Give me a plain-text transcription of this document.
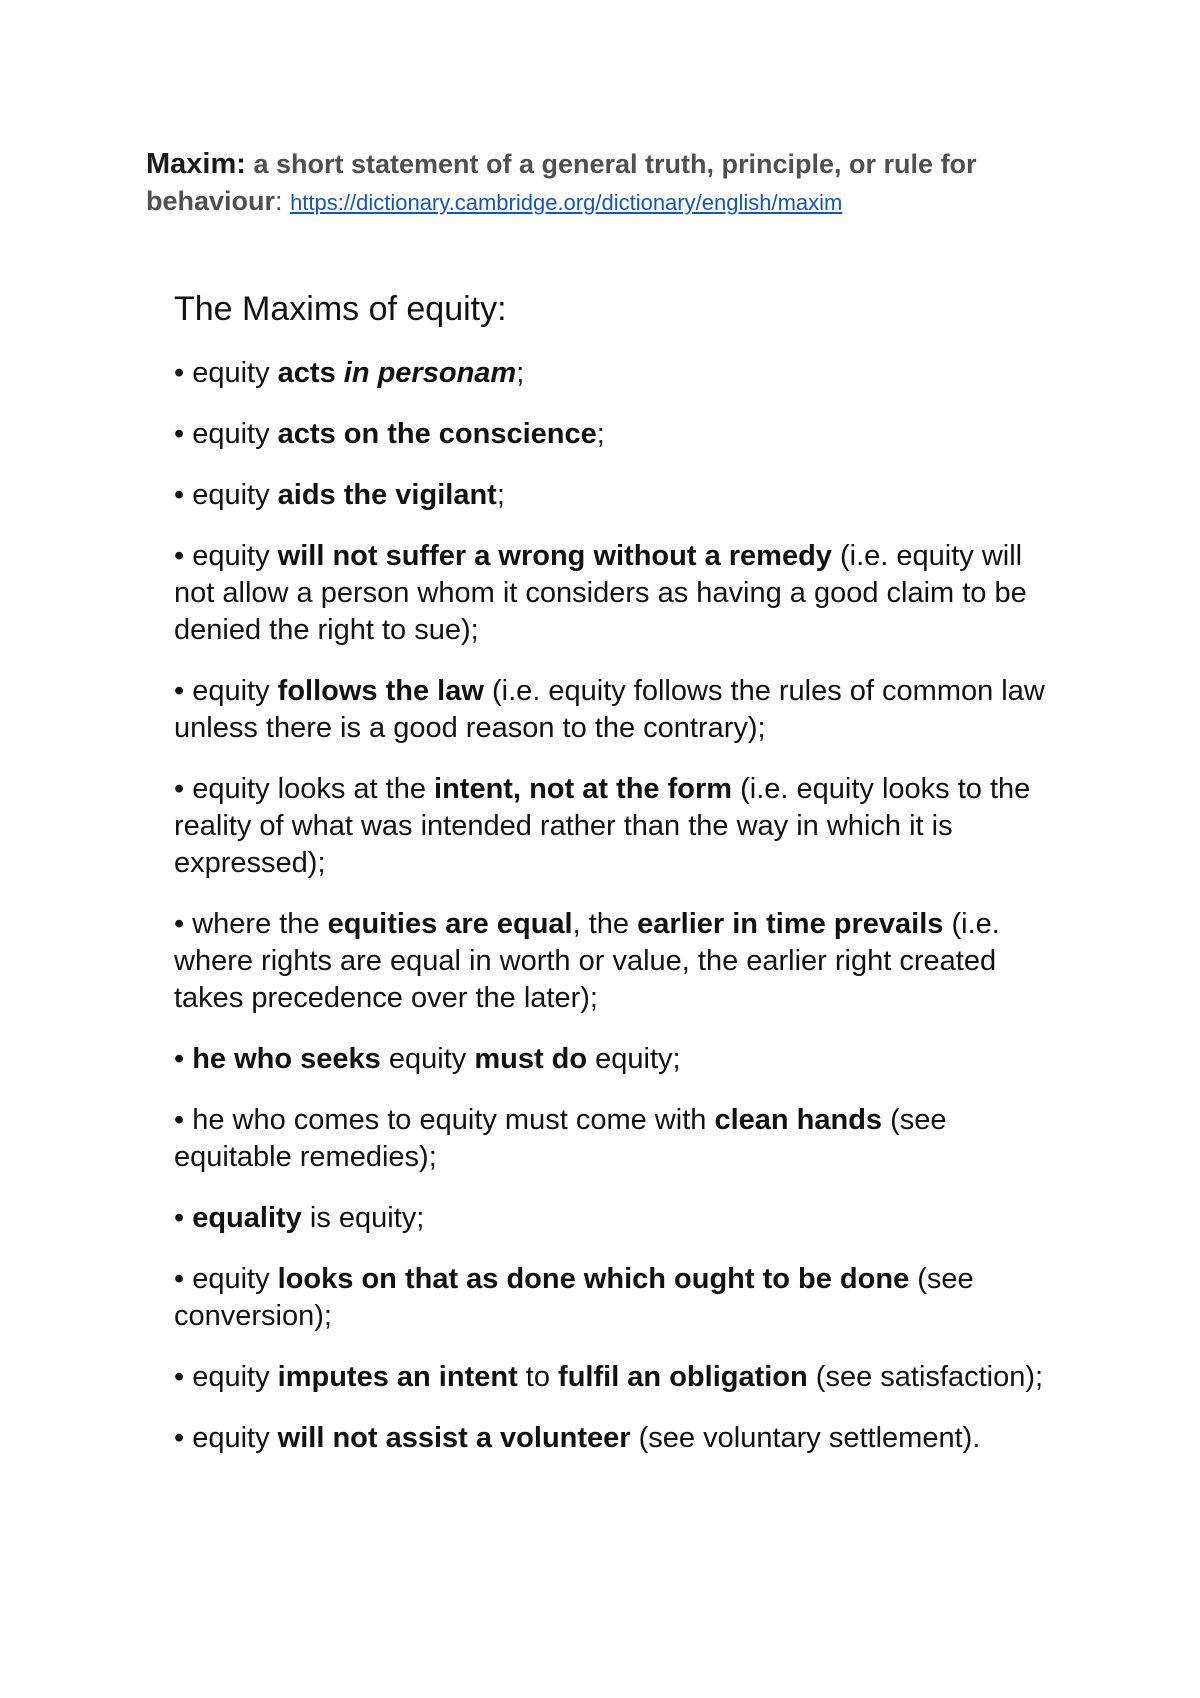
Maxim: a short statement of a general truth, principle, or rule for
behaviour: https://dictionary.cambridge.org/dictionary/english/maxim
The Maxims of equity:
• equity acts in personam;
• equity acts on the conscience;
• equity aids the vigilant;
• equity will not suffer a wrong without a remedy (i.e. equity will not allow a person whom it considers as having a good claim to be denied the right to sue);
• equity follows the law (i.e. equity follows the rules of common law unless there is a good reason to the contrary);
• equity looks at the intent, not at the form (i.e. equity looks to the reality of what was intended rather than the way in which it is expressed);
• where the equities are equal, the earlier in time prevails (i.e. where rights are equal in worth or value, the earlier right created takes precedence over the later);
• he who seeks equity must do equity;
• he who comes to equity must come with clean hands (see equitable remedies);
• equality is equity;
• equity looks on that as done which ought to be done (see conversion);
• equity imputes an intent to fulfil an obligation (see satisfaction);
• equity will not assist a volunteer (see voluntary settlement).
